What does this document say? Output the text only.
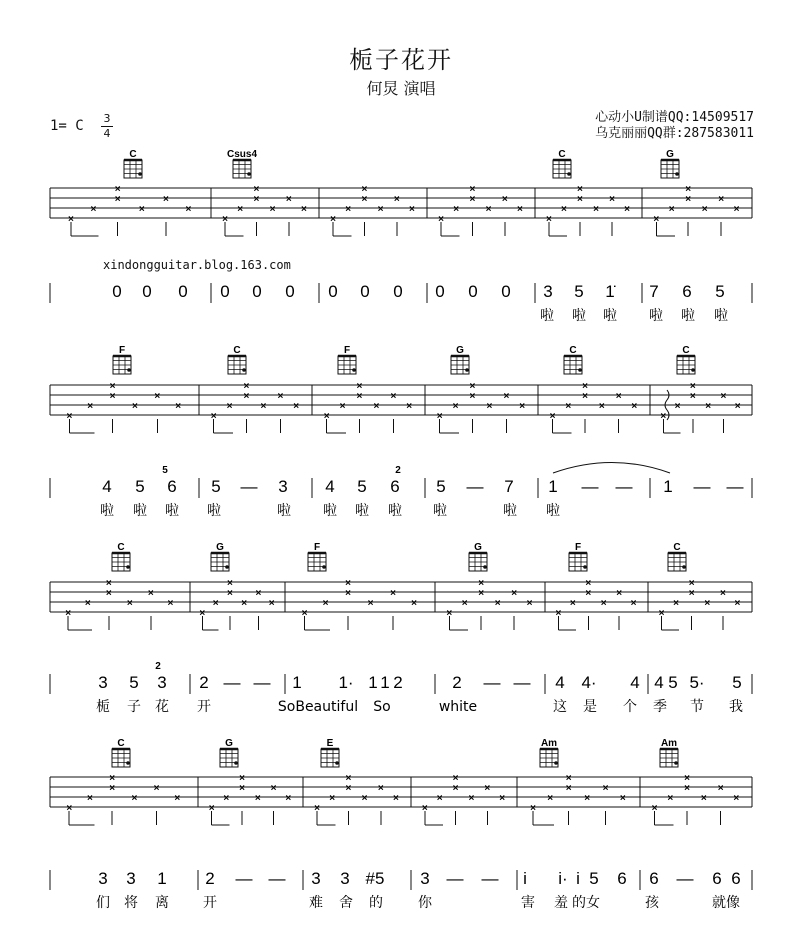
栀子花开
何炅 演唱
心动小U制谱QQ:14509517
乌克丽丽QQ群:287583011
1= C 3
4
xindongguitar.blog.163.com
C	Csus4	C	G
×
×
×
×
×
×
×
×
×
×
×
×
×
×
×
×
×
×
×
×
×
×
×
×
×
×
×
×
×
×
×
×
×
×
×
×
×
×
×
×
×
×
0 0 0 0 0 0 0 0 0 0 0 0 3 5 1̇ 7 6 5
啦 啦 啦 啦 啦 啦
F	C	F	G	C	C
×
×
×
×
×
×
×
×
×
×
×
×
×
×
×
×
×
×
×
×
×
×
×
×
×
×
×
×
×
×
×
×
×
×
×
×
×
×
×
×
×
×
4 5 6 5 — 3 4 5 6 5 — 7 1 — — 1 — —
啦 啦 啦 啦	啦 啦 啦 啦 啦	啦 啦
C	G	F	G	F	C
×
×
×
×
×
×
×
×
×
×
×
×
×
×
×
×
×
×
×
×
×
×
×
×
×
×
×
×
×
×
×
×
×
×
×
×
×
×
×
×
×
×
3 5 3 2 — — 1 1· 1 1 2	2 — — 4 4· 4 4 5 5· 5
栀 子 花 开	SoBeautiful So	white	这 是 个 季 节 我
C	G	E	Am	Am
×
×
×
×
×
×
×
×
×
×
×
×
×
×
×
×
×
×
×
×
×
×
×
×
×
×
×
×
×
×
×
×
×
×
×
×
×
×
×
×
×
×
3 3 1 2 — — 3 3 #5 3 — — i i· i 5 6 6 — 6 6
们 将 离 开	难 舍 的	你	害 羞 的女	孩	就像
5	2
2
